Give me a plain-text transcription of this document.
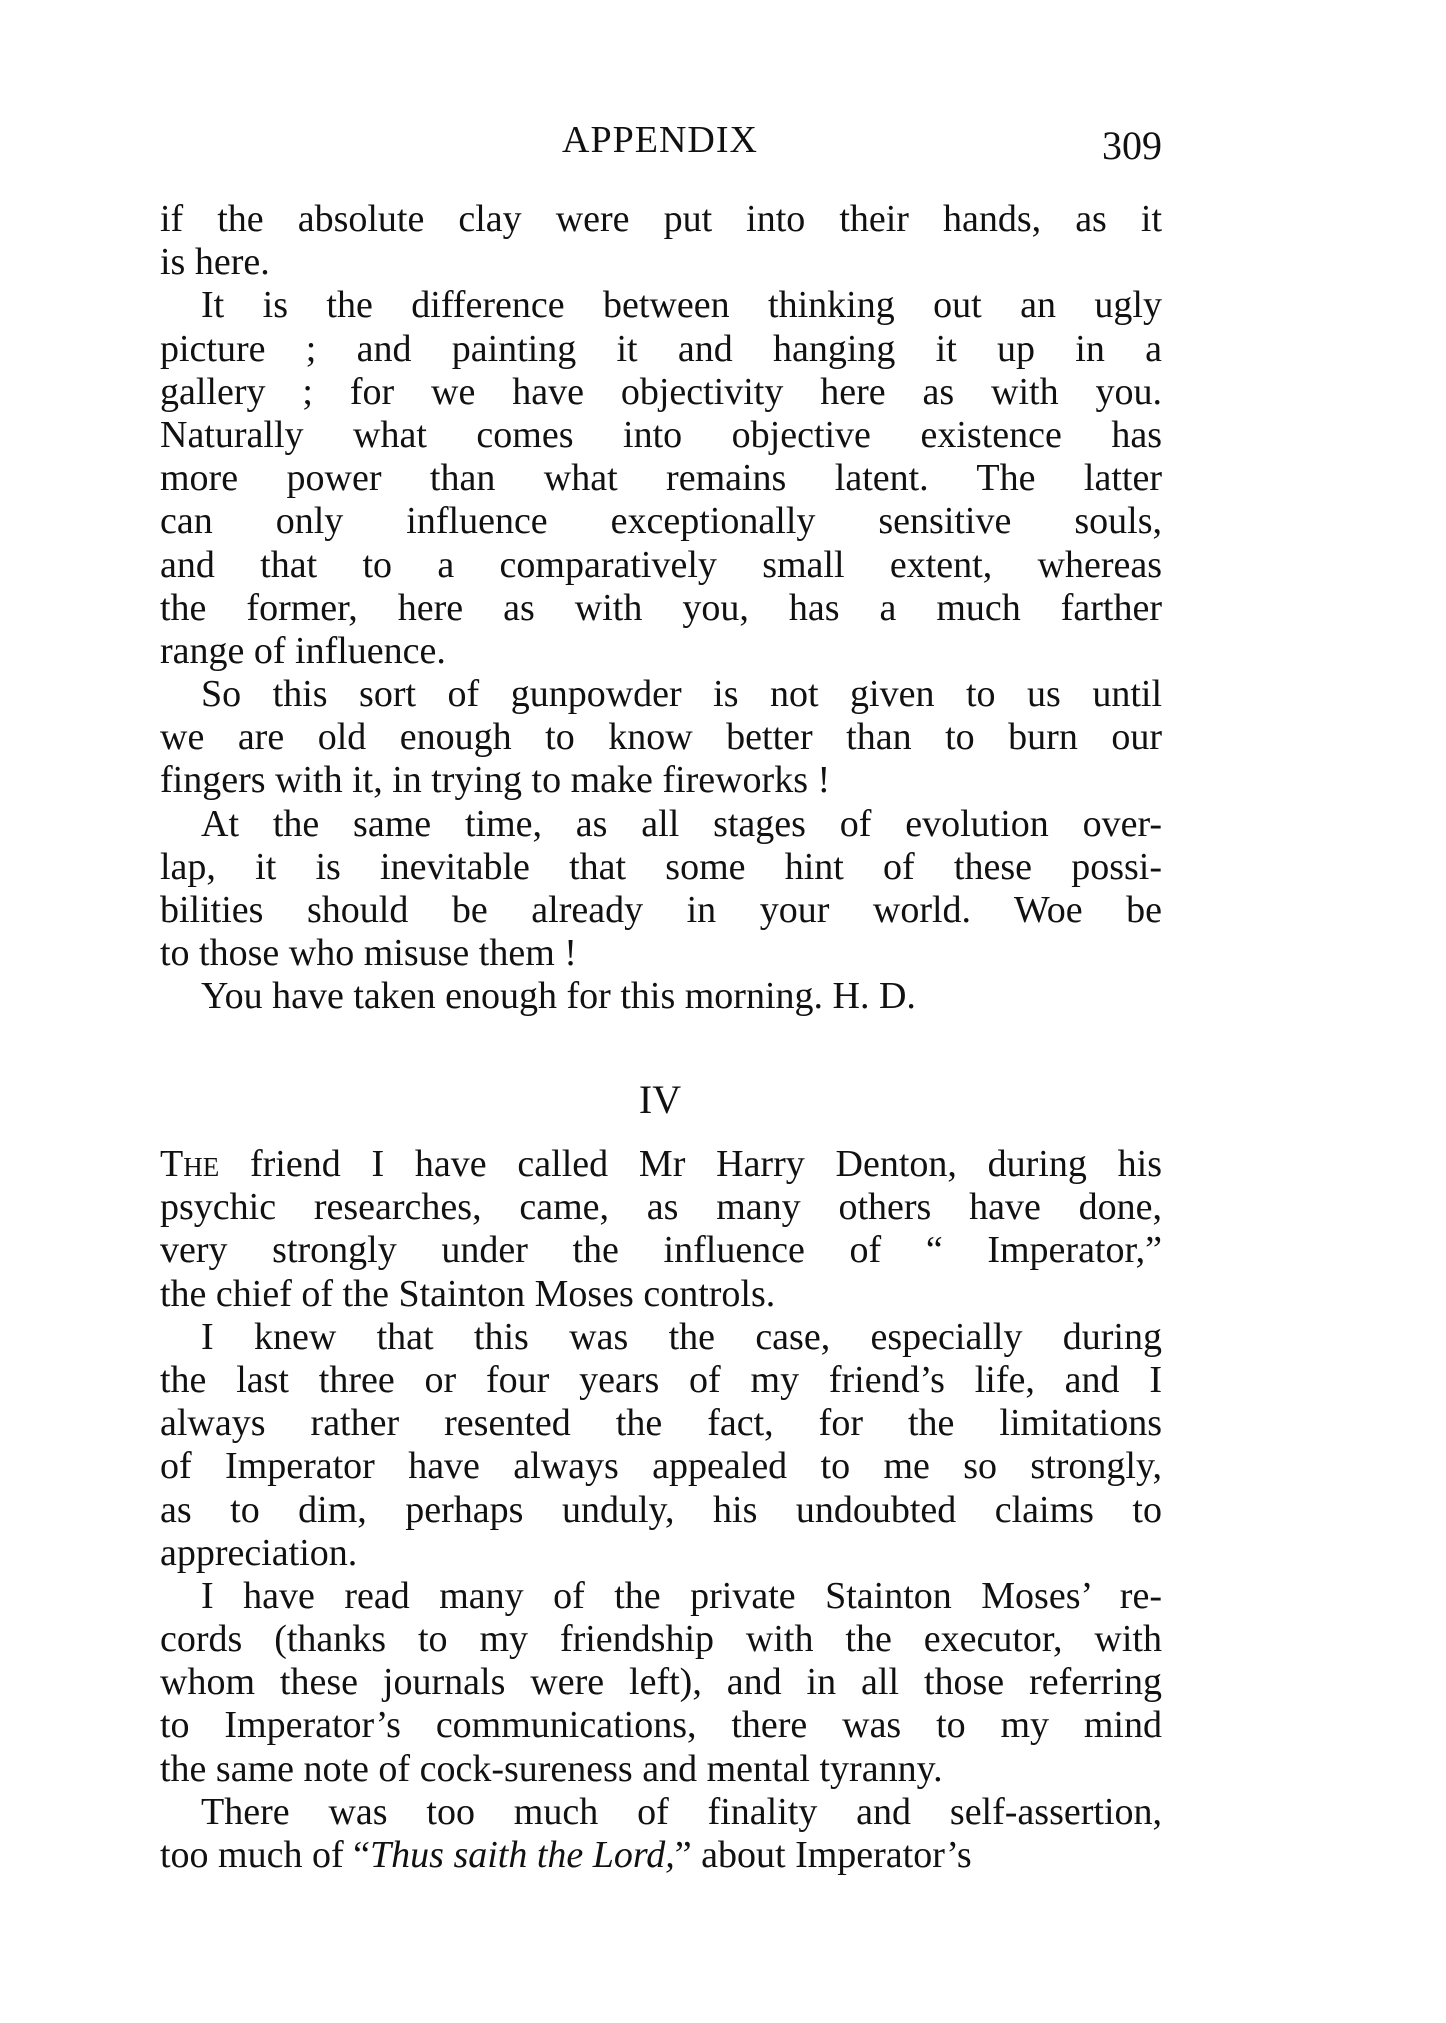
APPENDIX	309
if the absolute clay were put into their hands, as it
is here.
It is the difference between thinking out an ugly
picture ; and painting it and hanging it up in a
gallery ; for we have objectivity here as with you.
Naturally what comes into objective existence has
more power than what remains latent. The latter
can only influence exceptionally sensitive souls,
and that to a comparatively small extent, whereas
the former, here as with you, has a much farther
range of influence.
So this sort of gunpowder is not given to us until
we are old enough to know better than to burn our
fingers with it, in trying to make fireworks !
At the same time, as all stages of evolution over-
lap, it is inevitable that some hint of these possi-
bilities should be already in your world. Woe be
to those who misuse them !
You have taken enough for this morning. H. D.
IV
The friend I have called Mr Harry Denton, during his
psychic researches, came, as many others have done,
very strongly under the influence of “ Imperator,”
the chief of the Stainton Moses controls.
I knew that this was the case, especially during
the last three or four years of my friend’s life, and I
always rather resented the fact, for the limitations
of Imperator have always appealed to me so strongly,
as to dim, perhaps unduly, his undoubted claims to
appreciation.
I have read many of the private Stainton Moses’ re-
cords (thanks to my friendship with the executor, with
whom these journals were left), and in all those referring
to Imperator’s communications, there was to my mind
the same note of cock-sureness and mental tyranny.
There was too much of finality and self-assertion,
too much of “Thus saith the Lord,” about Imperator’s
